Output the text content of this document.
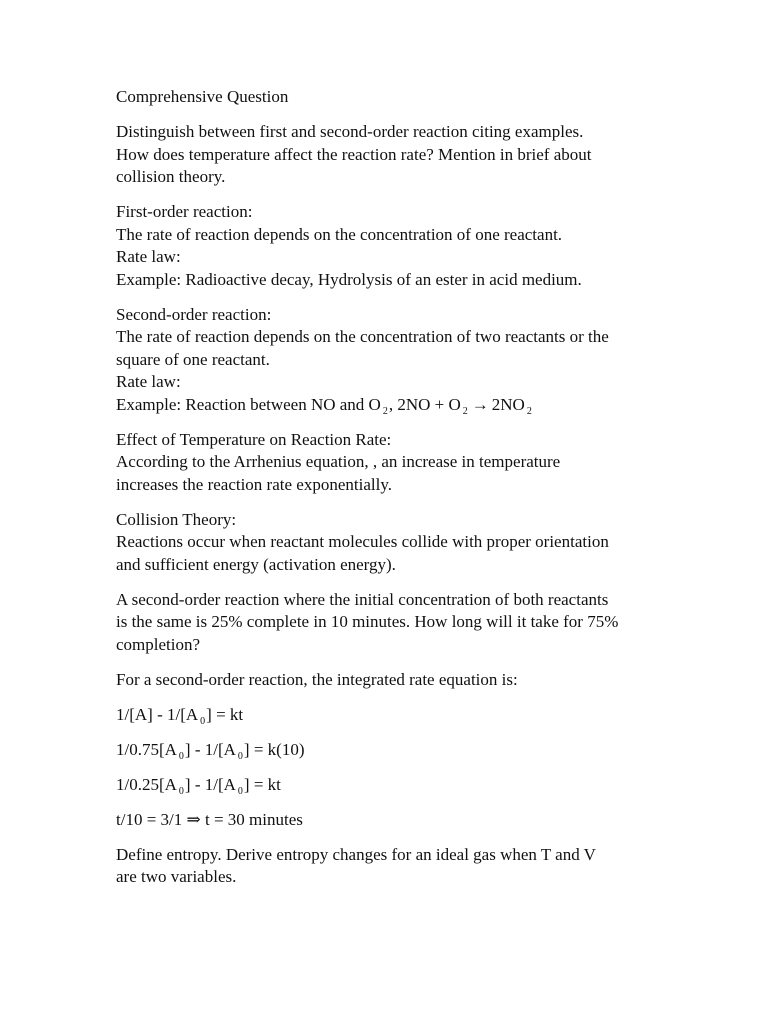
Comprehensive Question

Distinguish between first and second-order reaction citing examples.
How does temperature affect the reaction rate? Mention in brief about
collision theory.

First-order reaction:
The rate of reaction depends on the concentration of one reactant.
Rate law:
Example: Radioactive decay, Hydrolysis of an ester in acid medium.

Second-order reaction:
The rate of reaction depends on the concentration of two reactants or the
square of one reactant.
Rate law:
Example: Reaction between NO and O $_2$, 2NO + O $_2$ → 2NO $_2$

Effect of Temperature on Reaction Rate:
According to the Arrhenius equation, , an increase in temperature
increases the reaction rate exponentially.

Collision Theory:
Reactions occur when reactant molecules collide with proper orientation
and sufficient energy (activation energy).

A second-order reaction where the initial concentration of both reactants
is the same is 25% complete in 10 minutes. How long will it take for 75%
completion?

For a second-order reaction, the integrated rate equation is:

1/[A] - 1/[A $_0$] = kt

1/0.75[A $_0$] - 1/[A $_0$] = k(10)

1/0.25[A $_0$] - 1/[A $_0$] = kt

t/10 = 3/1 ⇒ t = 30 minutes

Define entropy. Derive entropy changes for an ideal gas when T and V
are two variables.
